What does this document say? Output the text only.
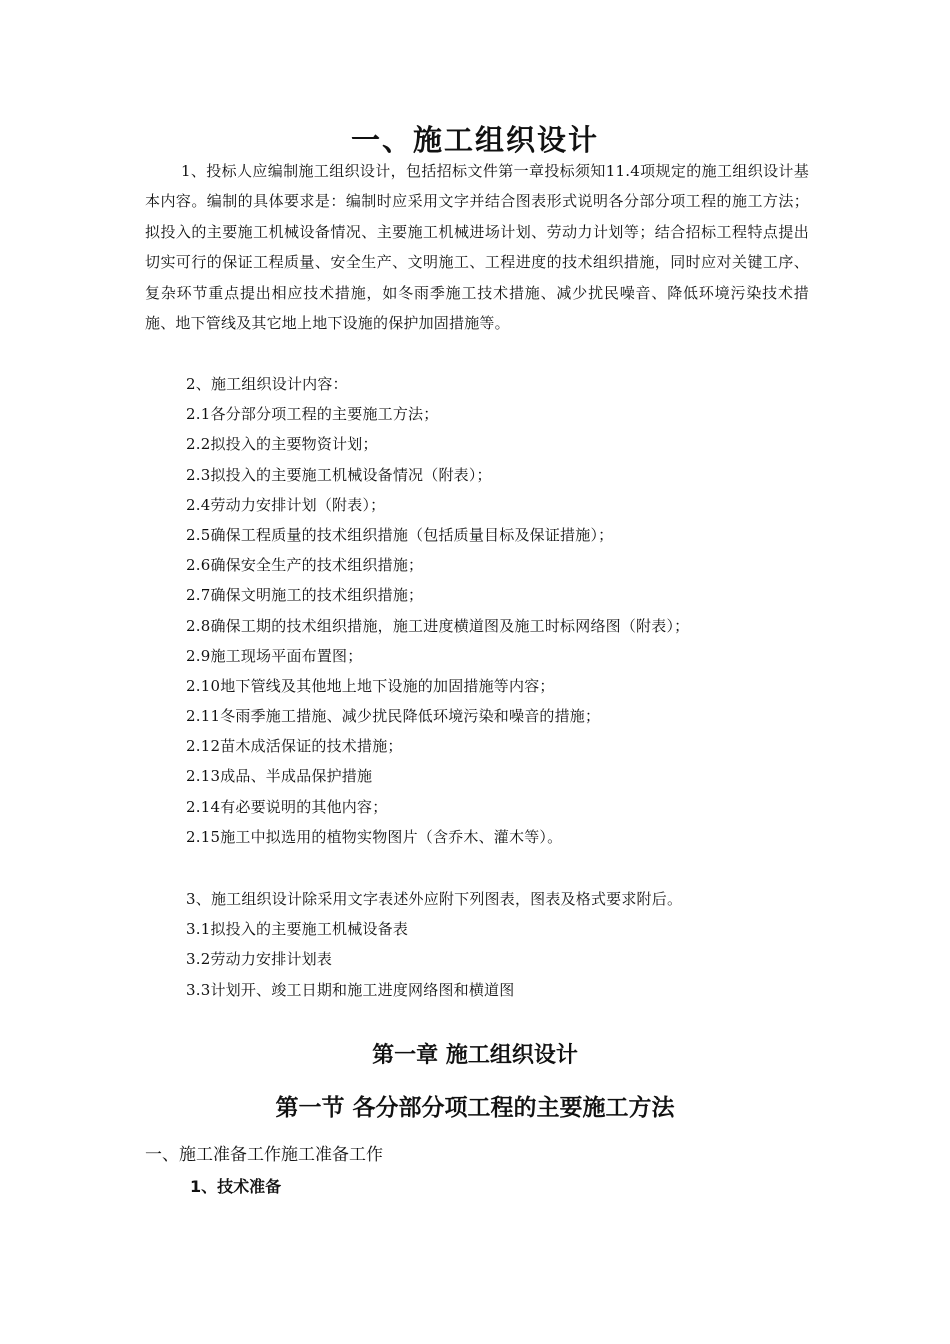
一、施工组织设计

1、投标人应编制施工组织设计，包括招标文件第一章投标须知11.4项规定的施工组织设计基本内容。编制的具体要求是：编制时应采用文字并结合图表形式说明各分部分项工程的施工方法；拟投入的主要施工机械设备情况、主要施工机械进场计划、劳动力计划等；结合招标工程特点提出切实可行的保证工程质量、安全生产、文明施工、工程进度的技术组织措施，同时应对关键工序、复杂环节重点提出相应技术措施，如冬雨季施工技术措施、减少扰民噪音、降低环境污染技术措施、地下管线及其它地上地下设施的保护加固措施等。

2、施工组织设计内容：
2.1各分部分项工程的主要施工方法；
2.2拟投入的主要物资计划；
2.3拟投入的主要施工机械设备情况（附表）；
2.4劳动力安排计划（附表）；
2.5确保工程质量的技术组织措施（包括质量目标及保证措施）；
2.6确保安全生产的技术组织措施；
2.7确保文明施工的技术组织措施；
2.8确保工期的技术组织措施，施工进度横道图及施工时标网络图（附表）；
2.9施工现场平面布置图；
2.10地下管线及其他地上地下设施的加固措施等内容；
2.11冬雨季施工措施、减少扰民降低环境污染和噪音的措施；
2.12苗木成活保证的技术措施；
2.13成品、半成品保护措施
2.14有必要说明的其他内容；
2.15施工中拟选用的植物实物图片（含乔木、灌木等）。
3、施工组织设计除采用文字表述外应附下列图表，图表及格式要求附后。
3.1拟投入的主要施工机械设备表
3.2劳动力安排计划表
3.3计划开、竣工日期和施工进度网络图和横道图
第一章 施工组织设计
第一节 各分部分项工程的主要施工方法

一、施工准备工作施工准备工作

1、技术准备
